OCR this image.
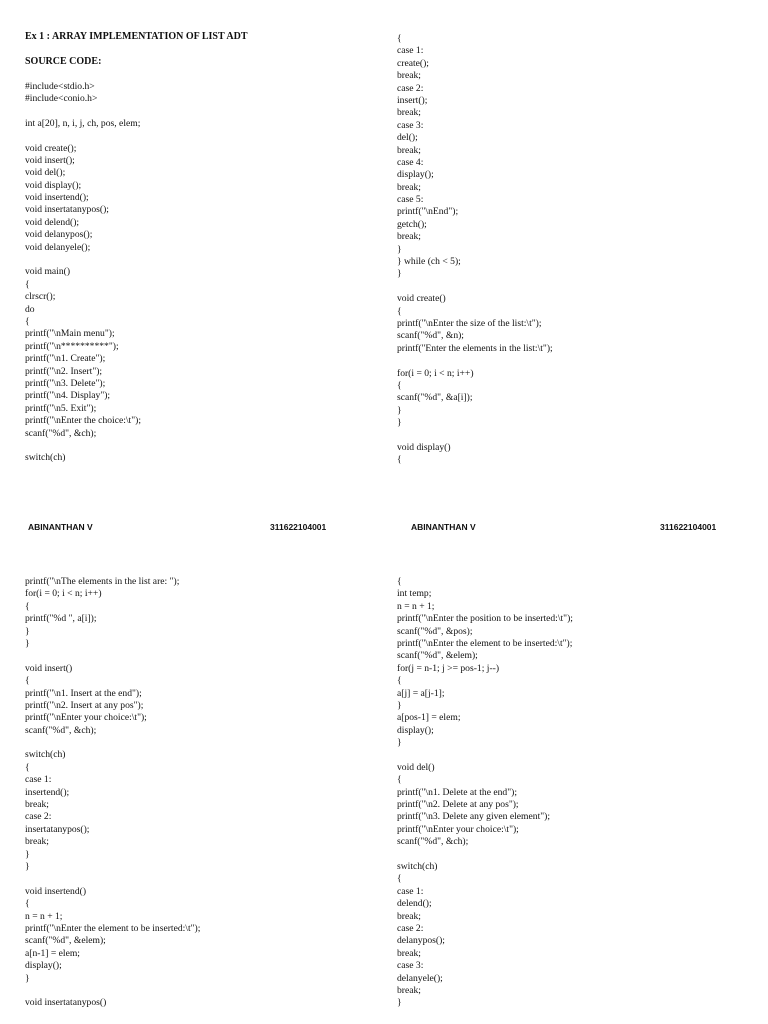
Ex 1 : ARRAY IMPLEMENTATION OF LIST ADT
SOURCE CODE:
#include<stdio.h>
#include<conio.h>
int a[20], n, i, j, ch, pos, elem;
void create();
void insert();
void del();
void display();
void insertend();
void insertatanypos();
void delend();
void delanypos();
void delanyele();
void main()
{
clrscr();
do
{
printf("\nMain menu");
printf("\n**********");
printf("\n1. Create");
printf("\n2. Insert");
printf("\n3. Delete");
printf("\n4. Display");
printf("\n5. Exit");
printf("\nEnter the choice:\t");
scanf("%d", &ch);
switch(ch)
{
case 1:
create();
break;
case 2:
insert();
break;
case 3:
del();
break;
case 4:
display();
break;
case 5:
printf("\nEnd");
getch();
break;
}
} while (ch < 5);
}
void create()
{
printf("\nEnter the size of the list:\t");
scanf("%d", &n);
printf("Enter the elements in the list:\t");
for(i = 0; i < n; i++)
{
scanf("%d", &a[i]);
}
}
void display()
{
ABINANTHAN V	311622104001	ABINANTHAN V	311622104001
printf("\nThe elements in the list are: ");
for(i = 0; i < n; i++)
{
printf("%d ", a[i]);
}
}
void insert()
{
printf("\n1. Insert at the end");
printf("\n2. Insert at any pos");
printf("\nEnter your choice:\t");
scanf("%d", &ch);
switch(ch)
{
case 1:
insertend();
break;
case 2:
insertatanypos();
break;
}
}
void insertend()
{
n = n + 1;
printf("\nEnter the element to be inserted:\t");
scanf("%d", &elem);
a[n-1] = elem;
display();
}
void insertatanypos()
{
int temp;
n = n + 1;
printf("\nEnter the position to be inserted:\t");
scanf("%d", &pos);
printf("\nEnter the element to be inserted:\t");
scanf("%d", &elem);
for(j = n-1; j >= pos-1; j--)
{
a[j] = a[j-1];
}
a[pos-1] = elem;
display();
}
void del()
{
printf("\n1. Delete at the end");
printf("\n2. Delete at any pos");
printf("\n3. Delete any given element");
printf("\nEnter your choice:\t");
scanf("%d", &ch);
switch(ch)
{
case 1:
delend();
break;
case 2:
delanypos();
break;
case 3:
delanyele();
break;
}
